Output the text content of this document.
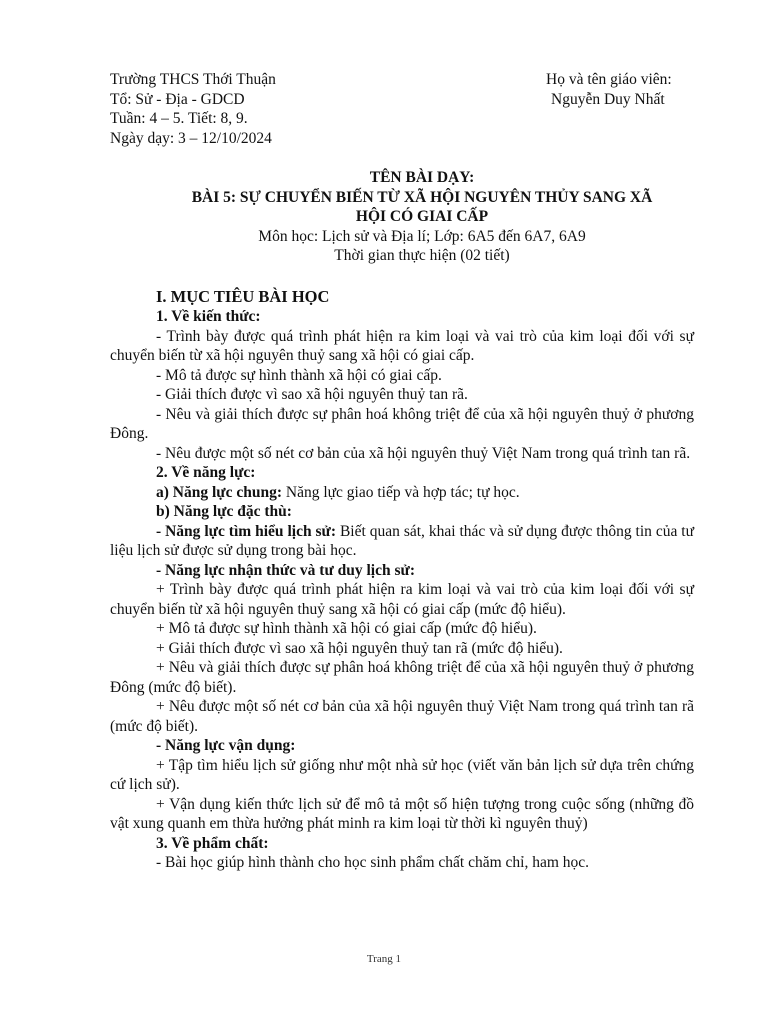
Trường THCS Thới Thuận
Tổ: Sử - Địa - GDCD
Tuần: 4 – 5. Tiết: 8, 9.
Ngày dạy: 3 – 12/10/2024
Họ và tên giáo viên:
Nguyễn Duy Nhất
TÊN BÀI DẠY:
BÀI 5: SỰ CHUYỂN BIẾN TỪ XÃ HỘI NGUYÊN THỦY SANG XÃ
HỘI CÓ GIAI CẤP
Môn học: Lịch sử và Địa lí; Lớp: 6A5 đến 6A7, 6A9
Thời gian thực hiện (02 tiết)
I. MỤC TIÊU BÀI HỌC
1. Về kiến thức:

- Trình bày được quá trình phát hiện ra kim loại và vai trò của kim loại đối với sự chuyển biến từ xã hội nguyên thuỷ sang xã hội có giai cấp.

- Mô tả được sự hình thành xã hội có giai cấp.

- Giải thích được vì sao xã hội nguyên thuỷ tan rã.

- Nêu và giải thích được sự phân hoá không triệt để của xã hội nguyên thuỷ ở phương Đông.

- Nêu được một số nét cơ bản của xã hội nguyên thuỷ Việt Nam trong quá trình tan rã.

2. Về năng lực:

a) Năng lực chung: Năng lực giao tiếp và hợp tác; tự học.

b) Năng lực đặc thù:

- Năng lực tìm hiểu lịch sử: Biết quan sát, khai thác và sử dụng được thông tin của tư liệu lịch sử được sử dụng trong bài học.

- Năng lực nhận thức và tư duy lịch sử:

+ Trình bày được quá trình phát hiện ra kim loại và vai trò của kim loại đối với sự chuyển biến từ xã hội nguyên thuỷ sang xã hội có giai cấp (mức độ hiểu).

+ Mô tả được sự hình thành xã hội có giai cấp (mức độ hiểu).

+ Giải thích được vì sao xã hội nguyên thuỷ tan rã (mức độ hiểu).

+ Nêu và giải thích được sự phân hoá không triệt để của xã hội nguyên thuỷ ở phương Đông (mức độ biết).

+ Nêu được một số nét cơ bản của xã hội nguyên thuỷ Việt Nam trong quá trình tan rã (mức độ biết).

- Năng lực vận dụng:

+ Tập tìm hiểu lịch sử giống như một nhà sử học (viết văn bản lịch sử dựa trên chứng cứ lịch sử).

+ Vận dụng kiến thức lịch sử để mô tả một số hiện tượng trong cuộc sống (những đồ vật xung quanh em thừa hưởng phát minh ra kim loại từ thời kì nguyên thuỷ)

3. Về phẩm chất:

- Bài học giúp hình thành cho học sinh phẩm chất chăm chỉ, ham học.

Trang 1
